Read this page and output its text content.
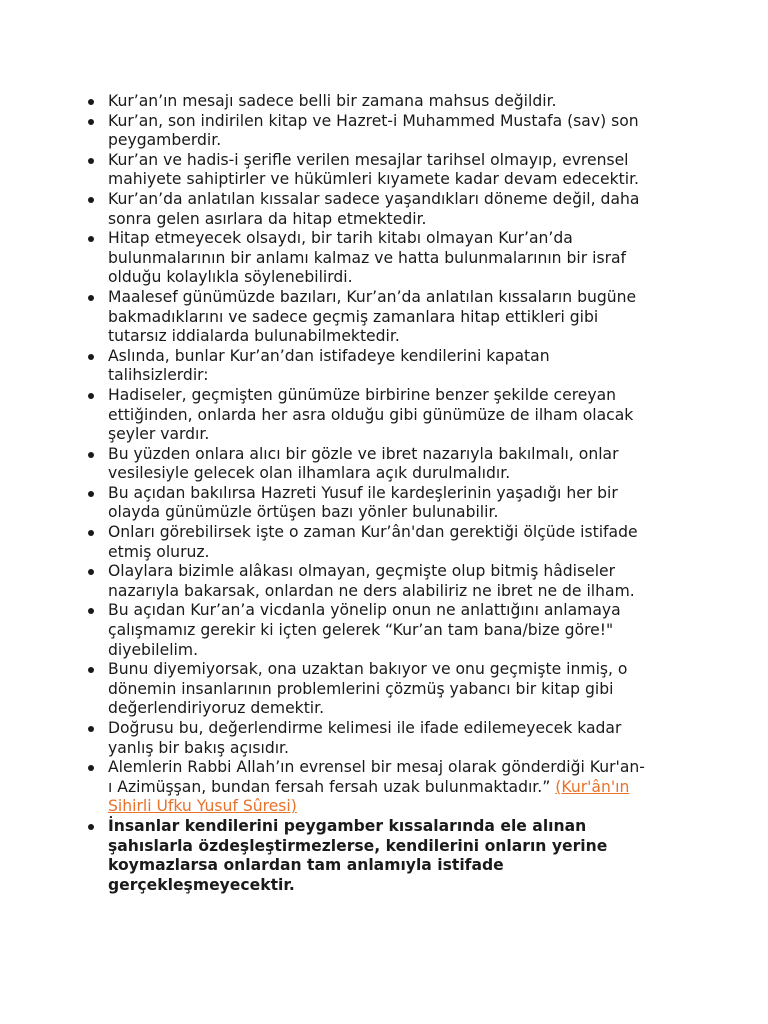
Kur’an’ın mesajı sadece belli bir zamana mahsus değildir.
Kur’an, son indirilen kitap ve Hazret-i Muhammed Mustafa (sav) son
peygamberdir.
Kur’an ve hadis-i şerifle verilen mesajlar tarihsel olmayıp, evrensel
mahiyete sahiptirler ve hükümleri kıyamete kadar devam edecektir.
Kur’an’da anlatılan kıssalar sadece yaşandıkları döneme değil, daha
sonra gelen asırlara da hitap etmektedir.
Hitap etmeyecek olsaydı, bir tarih kitabı olmayan Kur’an’da
bulunmalarının bir anlamı kalmaz ve hatta bulunmalarının bir israf
olduğu kolaylıkla söylenebilirdi.
Maalesef günümüzde bazıları, Kur’an’da anlatılan kıssaların bugüne
bakmadıklarını ve sadece geçmiş zamanlara hitap ettikleri gibi
tutarsız iddialarda bulunabilmektedir.
Aslında, bunlar Kur’an’dan istifadeye kendilerini kapatan
talihsizlerdir:
Hadiseler, geçmişten günümüze birbirine benzer şekilde cereyan
ettiğinden, onlarda her asra olduğu gibi günümüze de ilham olacak
şeyler vardır.
Bu yüzden onlara alıcı bir gözle ve ibret nazarıyla bakılmalı, onlar
vesilesiyle gelecek olan ilhamlara açık durulmalıdır.
Bu açıdan bakılırsa Hazreti Yusuf ile kardeşlerinin yaşadığı her bir
olayda günümüzle örtüşen bazı yönler bulunabilir.
Onları görebilirsek işte o zaman Kur’ân'dan gerektiği ölçüde istifade
etmiş oluruz.
Olaylara bizimle alâkası olmayan, geçmişte olup bitmiş hâdiseler
nazarıyla bakarsak, onlardan ne ders alabiliriz ne ibret ne de ilham.
Bu açıdan Kur’an’a vicdanla yönelip onun ne anlattığını anlamaya
çalışmamız gerekir ki içten gelerek “Kur’an tam bana/bize göre!"
diyebilelim.
Bunu diyemiyorsak, ona uzaktan bakıyor ve onu geçmişte inmiş, o
dönemin insanlarının problemlerini çözmüş yabancı bir kitap gibi
değerlendiriyoruz demektir.
Doğrusu bu, değerlendirme kelimesi ile ifade edilemeyecek kadar
yanlış bir bakış açısıdır.
Alemlerin Rabbi Allah’ın evrensel bir mesaj olarak gönderdiği Kur'an-
ı Azimüşşan, bundan fersah fersah uzak bulunmaktadır.” (Kur'ân'ın
Sihirli Ufku Yusuf Sûresi)
İnsanlar kendilerini peygamber kıssalarında ele alınan
şahıslarla özdeşleştirmezlerse, kendilerini onların yerine
koymazlarsa onlardan tam anlamıyla istifade
gerçekleşmeyecektir.
